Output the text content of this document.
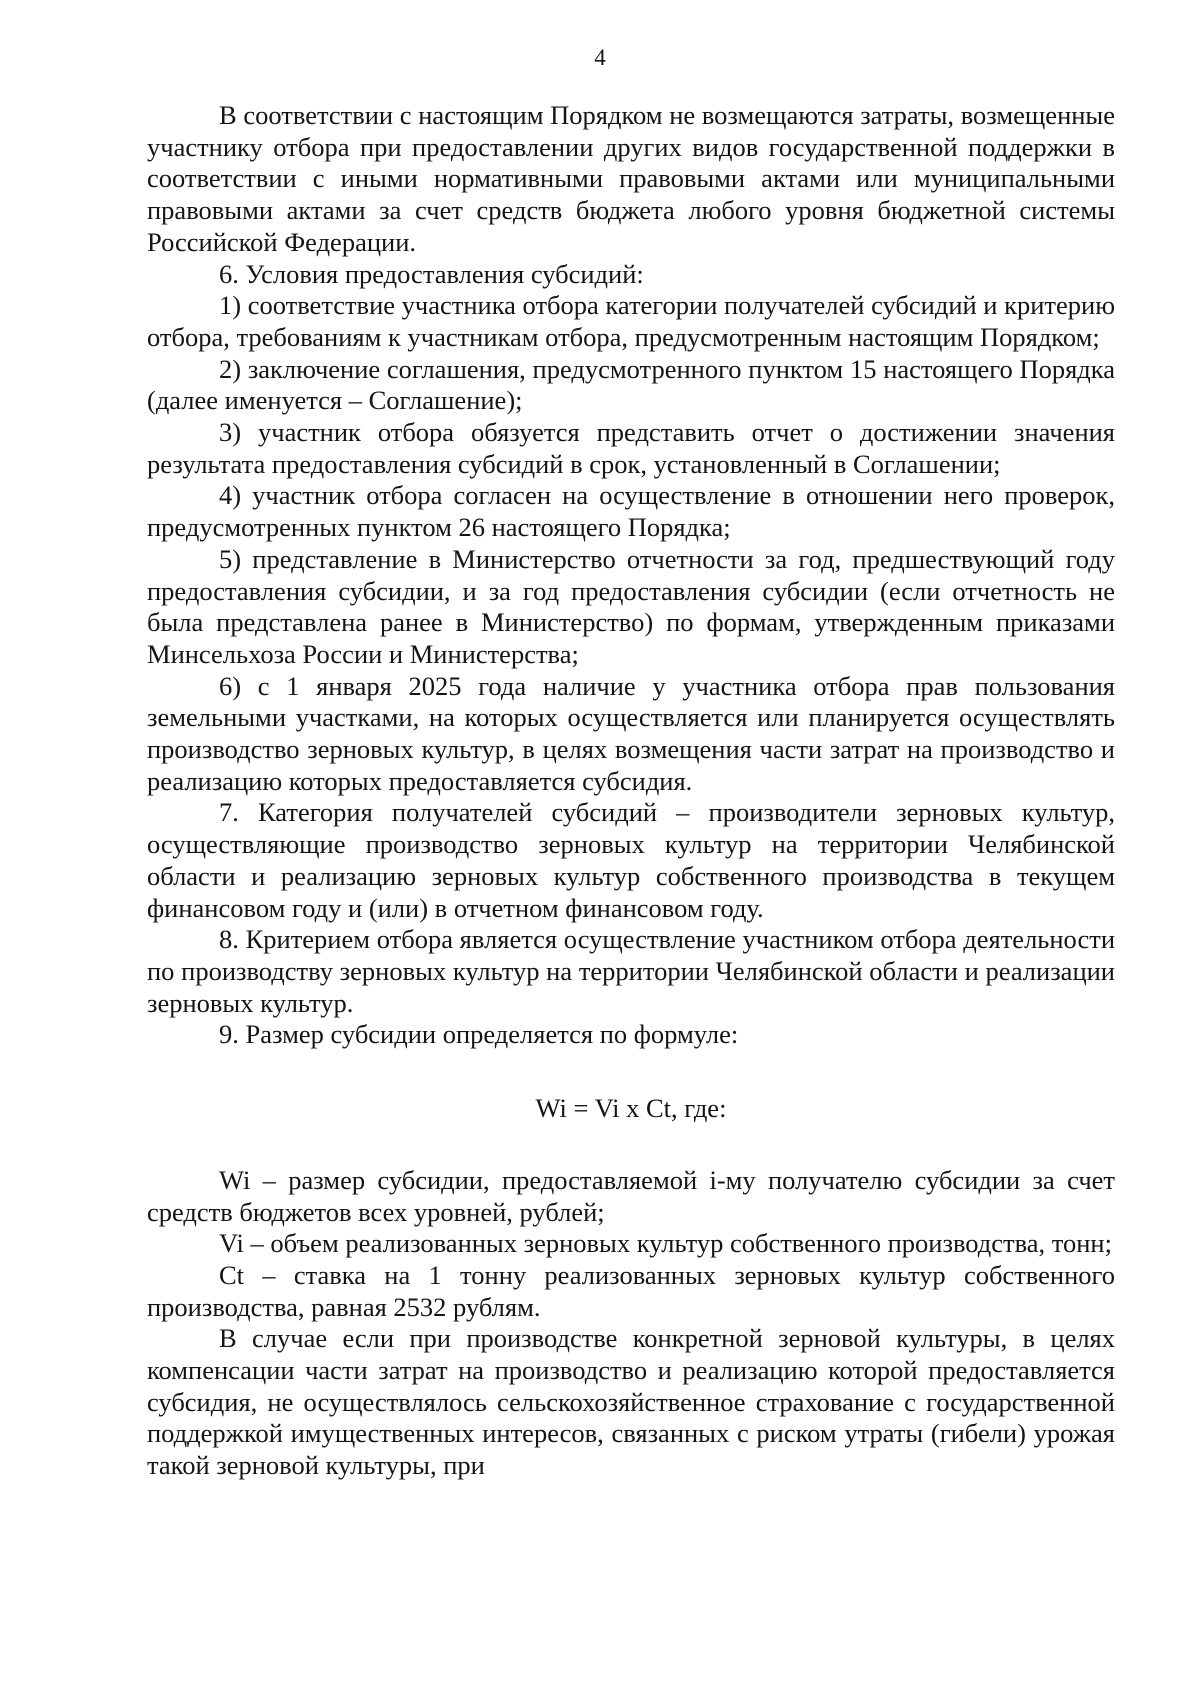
4

В соответствии с настоящим Порядком не возмещаются затраты, возмещенные участнику отбора при предоставлении других видов государственной поддержки в соответствии с иными нормативными правовыми актами или муниципальными правовыми актами за счет средств бюджета любого уровня бюджетной системы Российской Федерации.

6. Условия предоставления субсидий:

1) соответствие участника отбора категории получателей субсидий и критерию отбора, требованиям к участникам отбора, предусмотренным настоящим Порядком;

2) заключение соглашения, предусмотренного пунктом 15 настоящего Порядка (далее именуется – Соглашение);

3) участник отбора обязуется представить отчет о достижении значения результата предоставления субсидий в срок, установленный в Соглашении;

4) участник отбора согласен на осуществление в отношении него проверок, предусмотренных пунктом 26 настоящего Порядка;

5) представление в Министерство отчетности за год, предшествующий году предоставления субсидии, и за год предоставления субсидии (если отчетность не была представлена ранее в Министерство) по формам, утвержденным приказами Минсельхоза России и Министерства;

6) с 1 января 2025 года наличие у участника отбора прав пользования земельными участками, на которых осуществляется или планируется осуществлять производство зерновых культур, в целях возмещения части затрат на производство и реализацию которых предоставляется субсидия.

7. Категория получателей субсидий – производители зерновых культур, осуществляющие производство зерновых культур на территории Челябинской области и реализацию зерновых культур собственного производства в текущем финансовом году и (или) в отчетном финансовом году.

8. Критерием отбора является осуществление участником отбора деятельности по производству зерновых культур на территории Челябинской области и реализации зерновых культур.

9. Размер субсидии определяется по формуле:

Wi = Vi x Ct, где:

Wi – размер субсидии, предоставляемой i-му получателю субсидии за счет средств бюджетов всех уровней, рублей;

Vi – объем реализованных зерновых культур собственного производства, тонн;

Ct – ставка на 1 тонну реализованных зерновых культур собственного производства, равная 2532 рублям.

В случае если при производстве конкретной зерновой культуры, в целях компенсации части затрат на производство и реализацию которой предоставляется субсидия, не осуществлялось сельскохозяйственное страхование с государственной поддержкой имущественных интересов, связанных с риском утраты (гибели) урожая такой зерновой культуры, при
